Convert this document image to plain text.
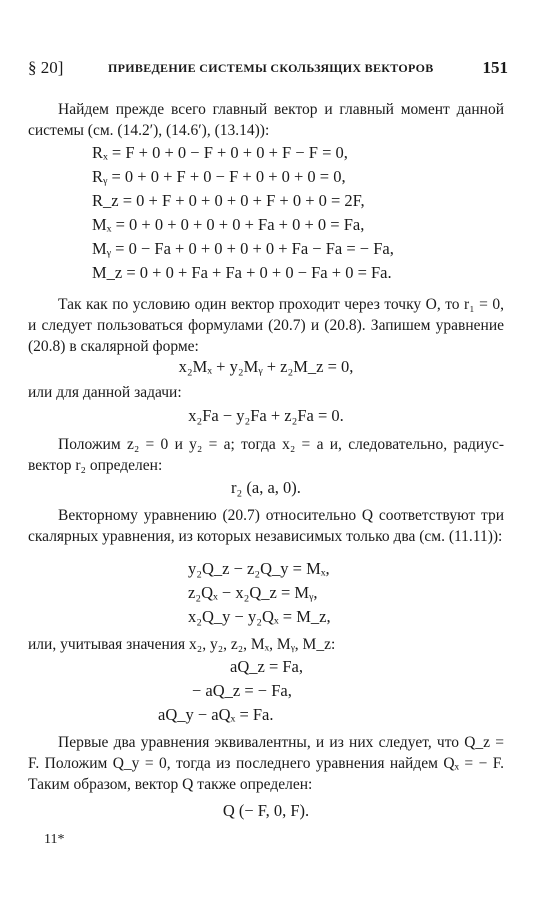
§ 20]	ПРИВЕДЕНИЕ СИСТЕМЫ СКОЛЬЗЯЩИХ ВЕКТОРОВ	151
Найдем прежде всего главный вектор и главный момент данной системы (см. (14.2′), (14.6′), (13.14)):
Rₓ = F + 0 + 0 − F + 0 + 0 + F − F = 0,
Rᵧ = 0 + 0 + F + 0 − F + 0 + 0 + 0 = 0,
R_z = 0 + F + 0 + 0 + 0 + F + 0 + 0 = 2F,
Mₓ = 0 + 0 + 0 + 0 + 0 + Fa + 0 + 0 = Fa,
Mᵧ = 0 − Fa + 0 + 0 + 0 + 0 + Fa − Fa = − Fa,
M_z = 0 + 0 + Fa + Fa + 0 + 0 − Fa + 0 = Fa.
Так как по условию один вектор проходит через точку O, то r₁ = 0, и следует пользоваться формулами (20.7) и (20.8). Запишем уравнение (20.8) в скалярной форме:
x₂Mₓ + y₂Mᵧ + z₂M_z = 0,
или для данной задачи:
x₂Fa − y₂Fa + z₂Fa = 0.
Положим z₂ = 0 и y₂ = a; тогда x₂ = a и, следовательно, радиус-вектор r₂ определен:
r₂ (a, a, 0).
Векторному уравнению (20.7) относительно Q соответствуют три скалярных уравнения, из которых независимых только два (см. (11.11)):
y₂Q_z − z₂Q_y = Mₓ,
z₂Qₓ − x₂Q_z = Mᵧ,
x₂Q_y − y₂Qₓ = M_z,
или, учитывая значения x₂, y₂, z₂, Mₓ, Mᵧ, M_z:
aQ_z = Fa,
− aQ_z = − Fa,
aQ_y − aQₓ = Fa.
Первые два уравнения эквивалентны, и из них следует, что Q_z = F. Положим Q_y = 0, тогда из последнего уравнения найдем Qₓ = − F. Таким образом, вектор Q также определен:
Q (− F, 0, F).
11*
